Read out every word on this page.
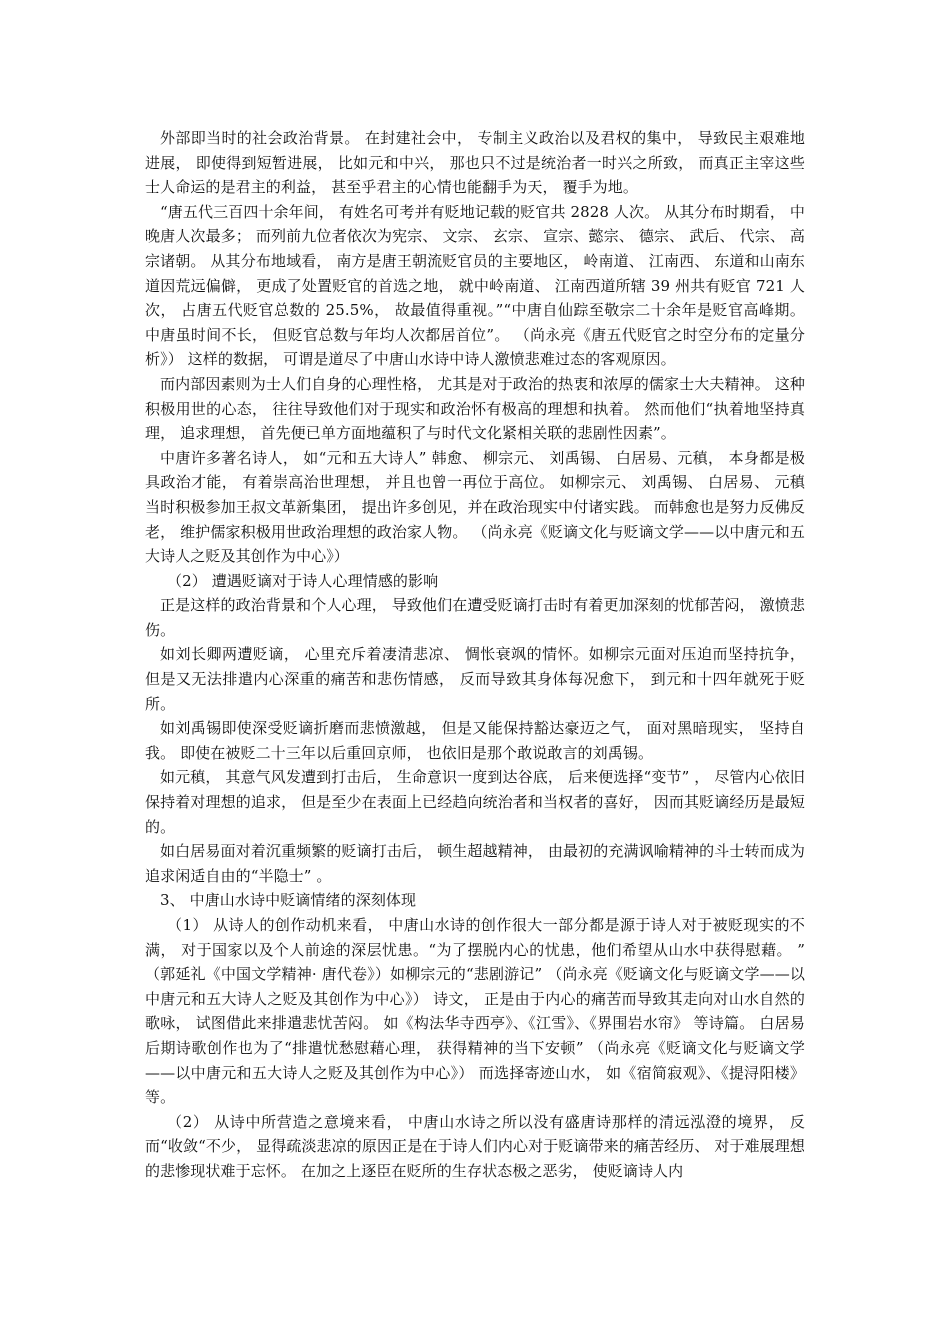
外部即当时的社会政治背景。 在封建社会中， 专制主义政治以及君权的集中， 导致民主艰难地进展， 即使得到短暂进展， 比如元和中兴， 那也只不过是统治者一时兴之所致， 而真正主宰这些士人命运的是君主的利益， 甚至乎君主的心情也能翻手为天， 覆手为地。

“唐五代三百四十余年间， 有姓名可考并有贬地记载的贬官共 2828 人次。 从其分布时期看， 中晚唐人次最多； 而列前九位者依次为宪宗、 文宗、 玄宗、 宣宗、懿宗、 德宗、 武后、 代宗、 高宗诸朝。 从其分布地域看， 南方是唐王朝流贬官员的主要地区， 岭南道、 江南西、 东道和山南东道因荒远偏僻， 更成了处置贬官的首选之地， 就中岭南道、 江南西道所辖 39 州共有贬官 721 人次， 占唐五代贬官总数的 25.5%， 故最值得重视。”“中唐自仙踪至敬宗二十余年是贬官高峰期。 中唐虽时间不长， 但贬官总数与年均人次都居首位”。 （尚永亮《唐五代贬官之时空分布的定量分析》） 这样的数据， 可谓是道尽了中唐山水诗中诗人激愤悲难过态的客观原因。

而内部因素则为士人们自身的心理性格， 尤其是对于政治的热衷和浓厚的儒家士大夫精神。 这种积极用世的心态， 往往导致他们对于现实和政治怀有极高的理想和执着。 然而他们“执着地坚持真理， 追求理想， 首先便已单方面地蕴积了与时代文化紧相关联的悲剧性因素”。

中唐许多著名诗人， 如“元和五大诗人” 韩愈、 柳宗元、 刘禹锡、 白居易、元稹， 本身都是极具政治才能， 有着崇高治世理想， 并且也曾一再位于高位。 如柳宗元、 刘禹锡、 白居易、 元稹当时积极参加王叔文革新集团， 提出许多创见，并在政治现实中付诸实践。 而韩愈也是努力反佛反老， 维护儒家积极用世政治理想的政治家人物。 （尚永亮《贬谪文化与贬谪文学——以中唐元和五大诗人之贬及其创作为中心》）

（2） 遭遇贬谪对于诗人心理情感的影响

正是这样的政治背景和个人心理， 导致他们在遭受贬谪打击时有着更加深刻的忧郁苦闷， 激愤悲伤。

如刘长卿两遭贬谪， 心里充斥着凄清悲凉、 惆怅衰飒的情怀。如柳宗元面对压迫而坚持抗争， 但是又无法排遣内心深重的痛苦和悲伤情感， 反而导致其身体每况愈下， 到元和十四年就死于贬所。

如刘禹锡即使深受贬谪折磨而悲愤激越， 但是又能保持豁达豪迈之气， 面对黑暗现实， 坚持自我。 即使在被贬二十三年以后重回京师， 也依旧是那个敢说敢言的刘禹锡。

如元稹， 其意气风发遭到打击后， 生命意识一度到达谷底， 后来便选择“变节” ， 尽管内心依旧保持着对理想的追求， 但是至少在表面上已经趋向统治者和当权者的喜好， 因而其贬谪经历是最短的。

如白居易面对着沉重频繁的贬谪打击后， 顿生超越精神， 由最初的充满讽喻精神的斗士转而成为追求闲适自由的“半隐士” 。

3、 中唐山水诗中贬谪情绪的深刻体现

（1） 从诗人的创作动机来看， 中唐山水诗的创作很大一部分都是源于诗人对于被贬现实的不满， 对于国家以及个人前途的深层忧患。“为了摆脱内心的忧患，他们希望从山水中获得慰藉。 ” （郭延礼《中国文学精神· 唐代卷》）如柳宗元的“悲剧游记” （尚永亮《贬谪文化与贬谪文学——以中唐元和五大诗人之贬及其创作为中心》） 诗文， 正是由于内心的痛苦而导致其走向对山水自然的歌咏， 试图借此来排遣悲忧苦闷。 如《构法华寺西亭》、《江雪》、《界围岩水帘》 等诗篇。 白居易后期诗歌创作也为了“排遣忧愁慰藉心理， 获得精神的当下安顿” （尚永亮《贬谪文化与贬谪文学——以中唐元和五大诗人之贬及其创作为中心》） 而选择寄迹山水， 如《宿简寂观》、《提浔阳楼》 等。

（2） 从诗中所营造之意境来看， 中唐山水诗之所以没有盛唐诗那样的清远泓澄的境界， 反而“收敛“不少， 显得疏淡悲凉的原因正是在于诗人们内心对于贬谪带来的痛苦经历、 对于难展理想的悲惨现状难于忘怀。 在加之上逐臣在贬所的生存状态极之恶劣， 使贬谪诗人内
